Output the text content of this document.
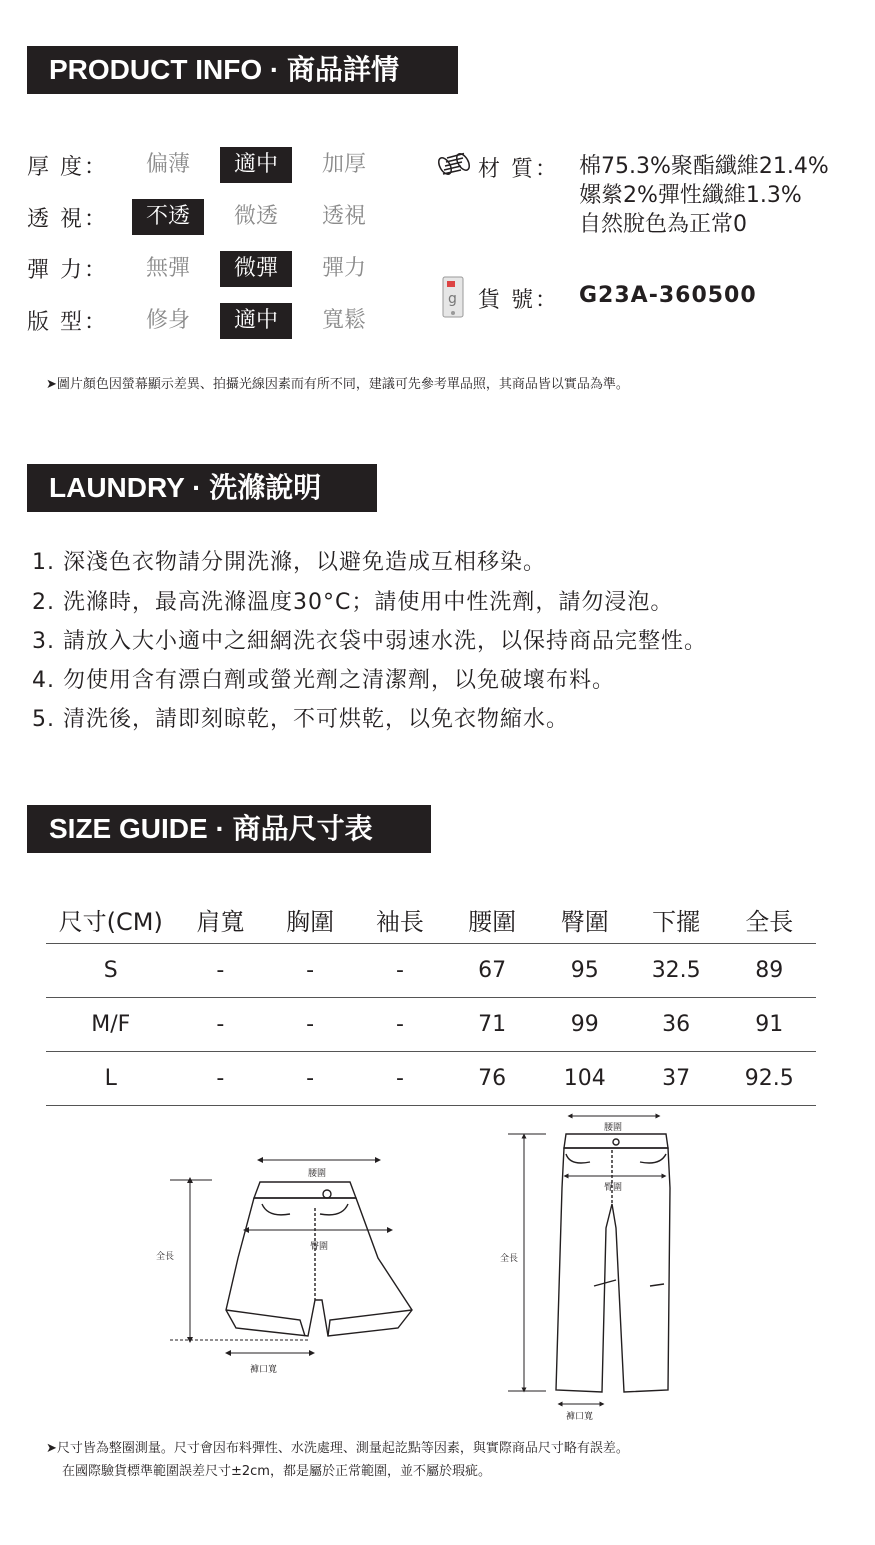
PRODUCT INFO · 商品詳情
厚 度：	偏薄	適中	加厚
透 視：	不透	微透	透視
彈 力：	無彈	微彈	彈力
版 型：	修身	適中	寬鬆
材 質： 棉75.3%聚酯纖維21.4%
嫘縈2%彈性纖維1.3%
自然脫色為正常0
g 貨 號： G23A-360500
➤圖片顏色因螢幕顯示差異、拍攝光線因素而有所不同，建議可先參考單品照，其商品皆以實品為準。
LAUNDRY · 洗滌說明
1. 深淺色衣物請分開洗滌，以避免造成互相移染。
2. 洗滌時，最高洗滌溫度30°C；請使用中性洗劑，請勿浸泡。
3. 請放入大小適中之細網洗衣袋中弱速水洗，以保持商品完整性。
4. 勿使用含有漂白劑或螢光劑之清潔劑，以免破壞布料。
5. 清洗後，請即刻晾乾，不可烘乾，以免衣物縮水。
SIZE GUIDE · 商品尺寸表
尺寸(CM)	肩寬	胸圍	袖長	腰圍	臀圍	下擺	全長
S	-	-	-	67	95	32.5	89
M/F	-	-	-	71	99	36	91
L	-	-	-	76	104	37	92.5
腰圍
臀圍
全長
褲口寬
腰圍
臀圍
全長
褲口寬
➤尺寸皆為整圈測量。尺寸會因布料彈性、水洗處理、測量起訖點等因素，與實際商品尺寸略有誤差。
在國際驗貨標準範圍誤差尺寸±2cm，都是屬於正常範圍，並不屬於瑕疵。
